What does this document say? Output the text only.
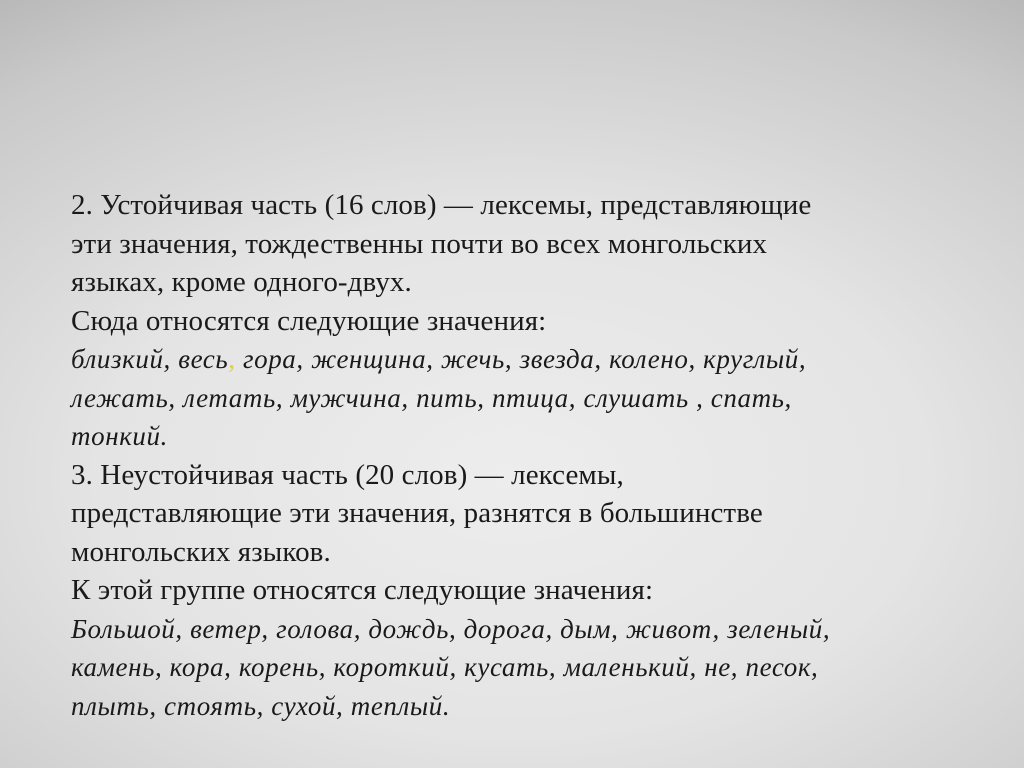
2. Устойчивая часть (16 слов) — лексемы, представляющие
эти значения, тождественны почти во всех монгольских
языках, кроме одного-двух.
Сюда относятся следующие значения:
близкий, весь, гора, женщина, жечь, звезда, колено, круглый,
лежать, летать, мужчина, пить, птица, слушать , спать,
тонкий.
3. Неустойчивая часть (20 слов) — лексемы,
представляющие эти значения, разнятся в большинстве
монгольских языков.
К этой группе относятся следующие значения:
Большой, ветер, голова, дождь, дорога, дым, живот, зеленый,
камень, кора, корень, короткий, кусать, маленький, не, песок,
плыть, стоять, сухой, теплый.
